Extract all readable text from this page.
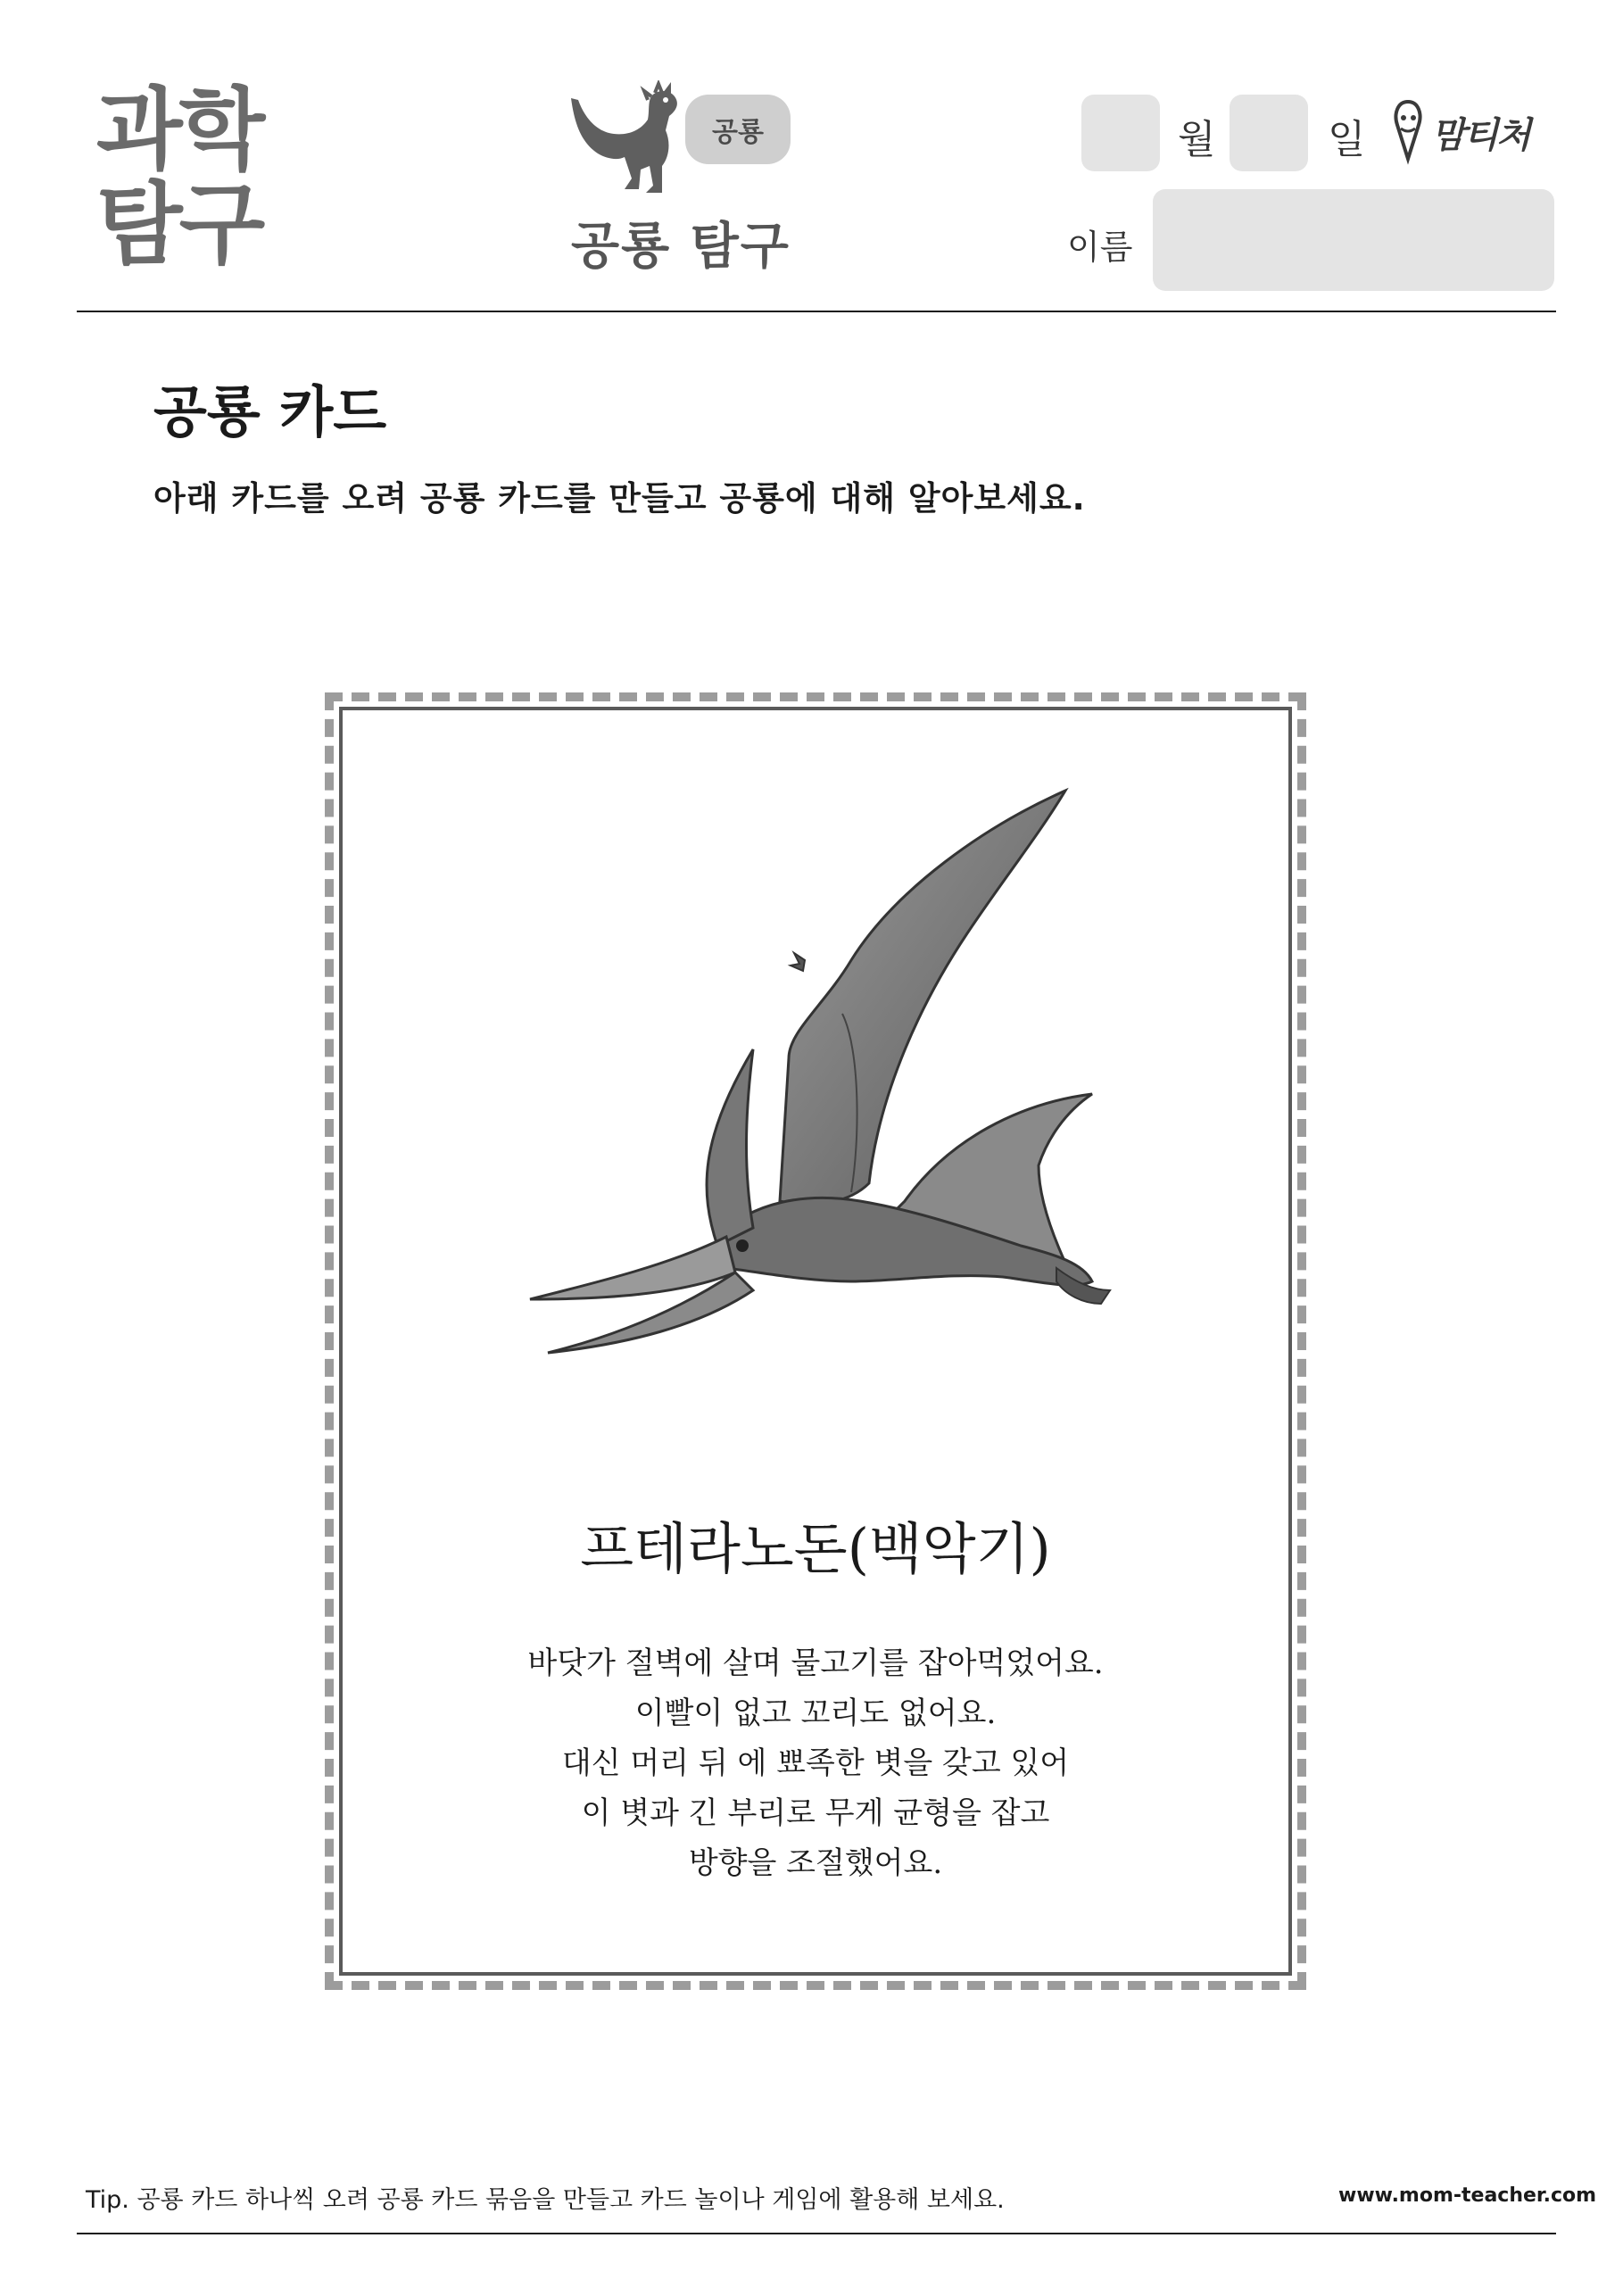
과학
탐구
공룡
공룡 탐구
월	일 맘티처
이름
공룡 카드
아래 카드를 오려 공룡 카드를 만들고 공룡에 대해 알아보세요.
프테라노돈(백악기)
바닷가 절벽에 살며 물고기를 잡아먹었어요.
이빨이 없고 꼬리도 없어요.
대신 머리 뒤 에 뾰족한 볏을 갖고 있어
이 볏과 긴 부리로 무게 균형을 잡고
방향을 조절했어요.
Tip. 공룡 카드 하나씩 오려 공룡 카드 묶음을 만들고 카드 놀이나 게임에 활용해 보세요.	www.mom-teacher.com
